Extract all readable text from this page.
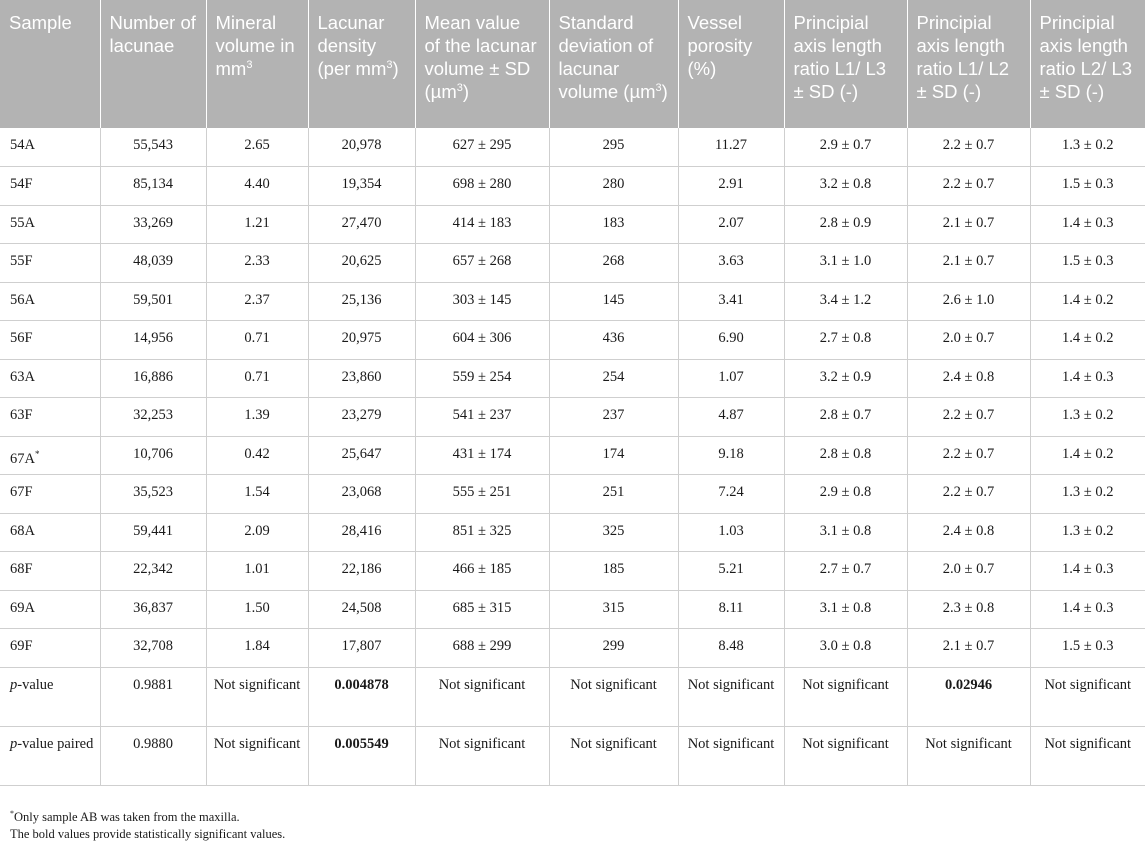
Sample	Number of lacunae	Mineral volume in $mm^3$	Lacunar density (per $mm^3$)	Mean value of the lacunar volume ± SD (µm$^3$)	Standard deviation of lacunar volume (µm$^3$)	Vessel porosity (%)	Principial axis length ratio L1/ L3 ± SD (-)	Principial axis length ratio L1/ L2 ± SD (-)	Principial axis length ratio L2/ L3 ± SD (-)
54A	55,543	2.65	20,978	627 ± 295	295	11.27	2.9 ± 0.7	2.2 ± 0.7	1.3 ± 0.2
54F	85,134	4.40	19,354	698 ± 280	280	2.91	3.2 ± 0.8	2.2 ± 0.7	1.5 ± 0.3
55A	33,269	1.21	27,470	414 ± 183	183	2.07	2.8 ± 0.9	2.1 ± 0.7	1.4 ± 0.3
55F	48,039	2.33	20,625	657 ± 268	268	3.63	3.1 ± 1.0	2.1 ± 0.7	1.5 ± 0.3
56A	59,501	2.37	25,136	303 ± 145	145	3.41	3.4 ± 1.2	2.6 ± 1.0	1.4 ± 0.2
56F	14,956	0.71	20,975	604 ± 306	436	6.90	2.7 ± 0.8	2.0 ± 0.7	1.4 ± 0.2
63A	16,886	0.71	23,860	559 ± 254	254	1.07	3.2 ± 0.9	2.4 ± 0.8	1.4 ± 0.3
63F	32,253	1.39	23,279	541 ± 237	237	4.87	2.8 ± 0.7	2.2 ± 0.7	1.3 ± 0.2
67A*	10,706	0.42	25,647	431 ± 174	174	9.18	2.8 ± 0.8	2.2 ± 0.7	1.4 ± 0.2
67F	35,523	1.54	23,068	555 ± 251	251	7.24	2.9 ± 0.8	2.2 ± 0.7	1.3 ± 0.2
68A	59,441	2.09	28,416	851 ± 325	325	1.03	3.1 ± 0.8	2.4 ± 0.8	1.3 ± 0.2
68F	22,342	1.01	22,186	466 ± 185	185	5.21	2.7 ± 0.7	2.0 ± 0.7	1.4 ± 0.3
69A	36,837	1.50	24,508	685 ± 315	315	8.11	3.1 ± 0.8	2.3 ± 0.8	1.4 ± 0.3
69F	32,708	1.84	17,807	688 ± 299	299	8.48	3.0 ± 0.8	2.1 ± 0.7	1.5 ± 0.3
p-value	0.9881	Not significant	0.004878	Not significant	Not significant	Not significant	Not significant	0.02946	Not significant
p-value paired	0.9880	Not significant	0.005549	Not significant	Not significant	Not significant	Not significant	Not significant	Not significant
*Only sample AB was taken from the maxilla.
The bold values provide statistically significant values.
